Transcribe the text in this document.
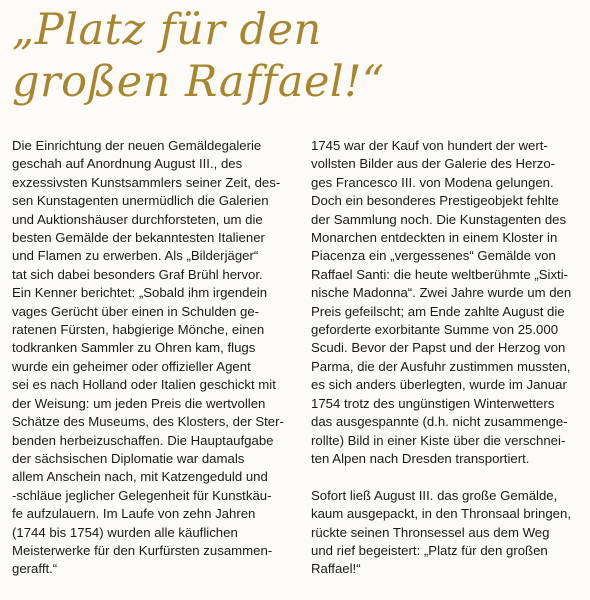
„Platz für den
großen Raffael!“
Die Einrichtung der neuen Gemäldegalerie
geschah auf Anordnung August III., des
exzessivsten Kunstsammlers seiner Zeit, des-
sen Kunstagenten unermüdlich die Galerien
und Auktionshäuser durchforsteten, um die
besten Gemälde der bekanntesten Italiener
und Flamen zu erwerben. Als „Bilderjäger“
tat sich dabei besonders Graf Brühl hervor.
Ein Kenner berichtet: „Sobald ihm irgendein
vages Gerücht über einen in Schulden ge-
ratenen Fürsten, habgierige Mönche, einen
todkranken Sammler zu Ohren kam, flugs
wurde ein geheimer oder offizieller Agent
sei es nach Holland oder Italien geschickt mit
der Weisung: um jeden Preis die wertvollen
Schätze des Museums, des Klosters, der Ster-
benden herbeizuschaffen. Die Hauptaufgabe
der sächsischen Diplomatie war damals
allem Anschein nach, mit Katzengeduld und
-schläue jeglicher Gelegenheit für Kunstkäu-
fe aufzulauern. Im Laufe von zehn Jahren
(1744 bis 1754) wurden alle käuflichen
Meisterwerke für den Kurfürsten zusammen-
gerafft.“
1745 war der Kauf von hundert der wert-
vollsten Bilder aus der Galerie des Herzo-
ges Francesco III. von Modena gelungen.
Doch ein besonderes Prestigeobjekt fehlte
der Sammlung noch. Die Kunstagenten des
Monarchen entdeckten in einem Kloster in
Piacenza ein „vergessenes“ Gemälde von
Raffael Santi: die heute weltberühmte „Sixti-
nische Madonna“. Zwei Jahre wurde um den
Preis gefeilscht; am Ende zahlte August die
geforderte exorbitante Summe von 25.000
Scudi. Bevor der Papst und der Herzog von
Parma, die der Ausfuhr zustimmen mussten,
es sich anders überlegten, wurde im Januar
1754 trotz des ungünstigen Winterwetters
das ausgespannte (d.h. nicht zusammenge-
rollte) Bild in einer Kiste über die verschnei-
ten Alpen nach Dresden transportiert.
Sofort ließ August III. das große Gemälde,
kaum ausgepackt, in den Thronsaal bringen,
rückte seinen Thronsessel aus dem Weg
und rief begeistert: „Platz für den großen
Raffael!“
